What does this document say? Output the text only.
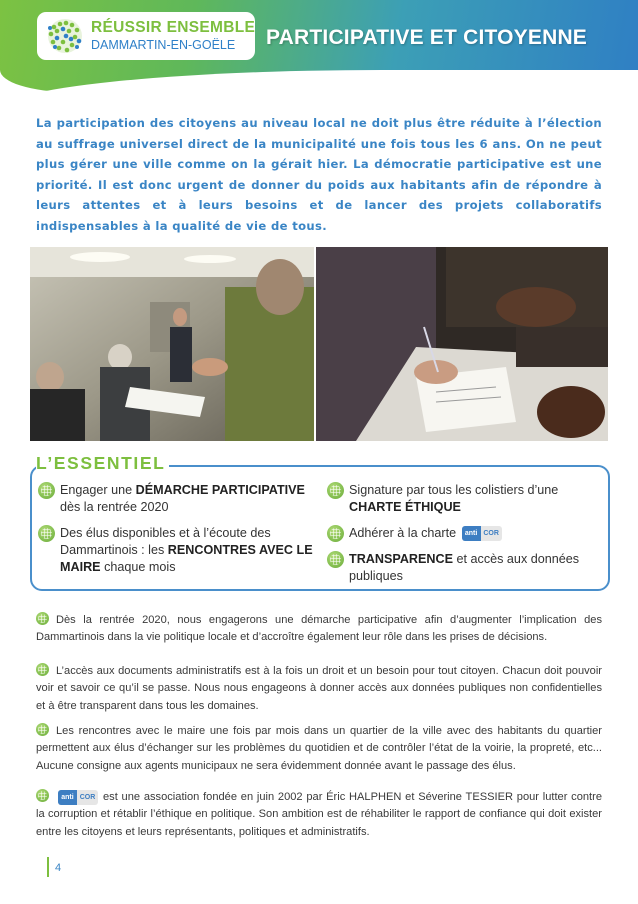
RÉUSSIR ENSEMBLE
DAMMARTIN-EN-GOËLE PARTICIPATIVE ET CITOYENNE
La participation des citoyens au niveau local ne doit plus être réduite à l’élection au suffrage universel direct de la municipalité une fois tous les 6 ans. On ne peut plus gérer une ville comme on la gérait hier. La démocratie participative est une priorité. Il est donc urgent de donner du poids aux habitants afin de répondre à leurs attentes et à leurs besoins et de lancer des projets collaboratifs indispensables à la qualité de vie de tous.
L’ESSENTIEL
Engager une DÉMARCHE PARTICIPATIVE dès la rentrée 2020
Des élus disponibles et à l’écoute des Dammartinois : les RENCONTRES AVEC LE MAIRE chaque mois
Signature par tous les colistiers d’une CHARTE ÉTHIQUE
Adhérer à la charte anti COR
TRANSPARENCE et accès aux données publiques
Dès la rentrée 2020, nous engagerons une démarche participative afin d’augmenter l’implication des Dammartinois dans la vie politique locale et d’accroître également leur rôle dans les prises de décisions.
L’accès aux documents administratifs est à la fois un droit et un besoin pour tout citoyen. Chacun doit pouvoir voir et savoir ce qu’il se passe. Nous nous engageons à donner accès aux données publiques non confidentielles et à être transparent dans tous les domaines.
Les rencontres avec le maire une fois par mois dans un quartier de la ville avec des habitants du quartier permettent aux élus d’échanger sur les problèmes du quotidien et de contrôler l’état de la voirie, la propreté, etc... Aucune consigne aux agents municipaux ne sera évidemment donnée avant le passage des élus.
anti COR est une association fondée en juin 2002 par Éric HALPHEN et Séverine TESSIER pour lutter contre la corruption et rétablir l’éthique en politique. Son ambition est de réhabiliter le rapport de confiance qui doit exister entre les citoyens et leurs représentants, politiques et administratifs.
4
